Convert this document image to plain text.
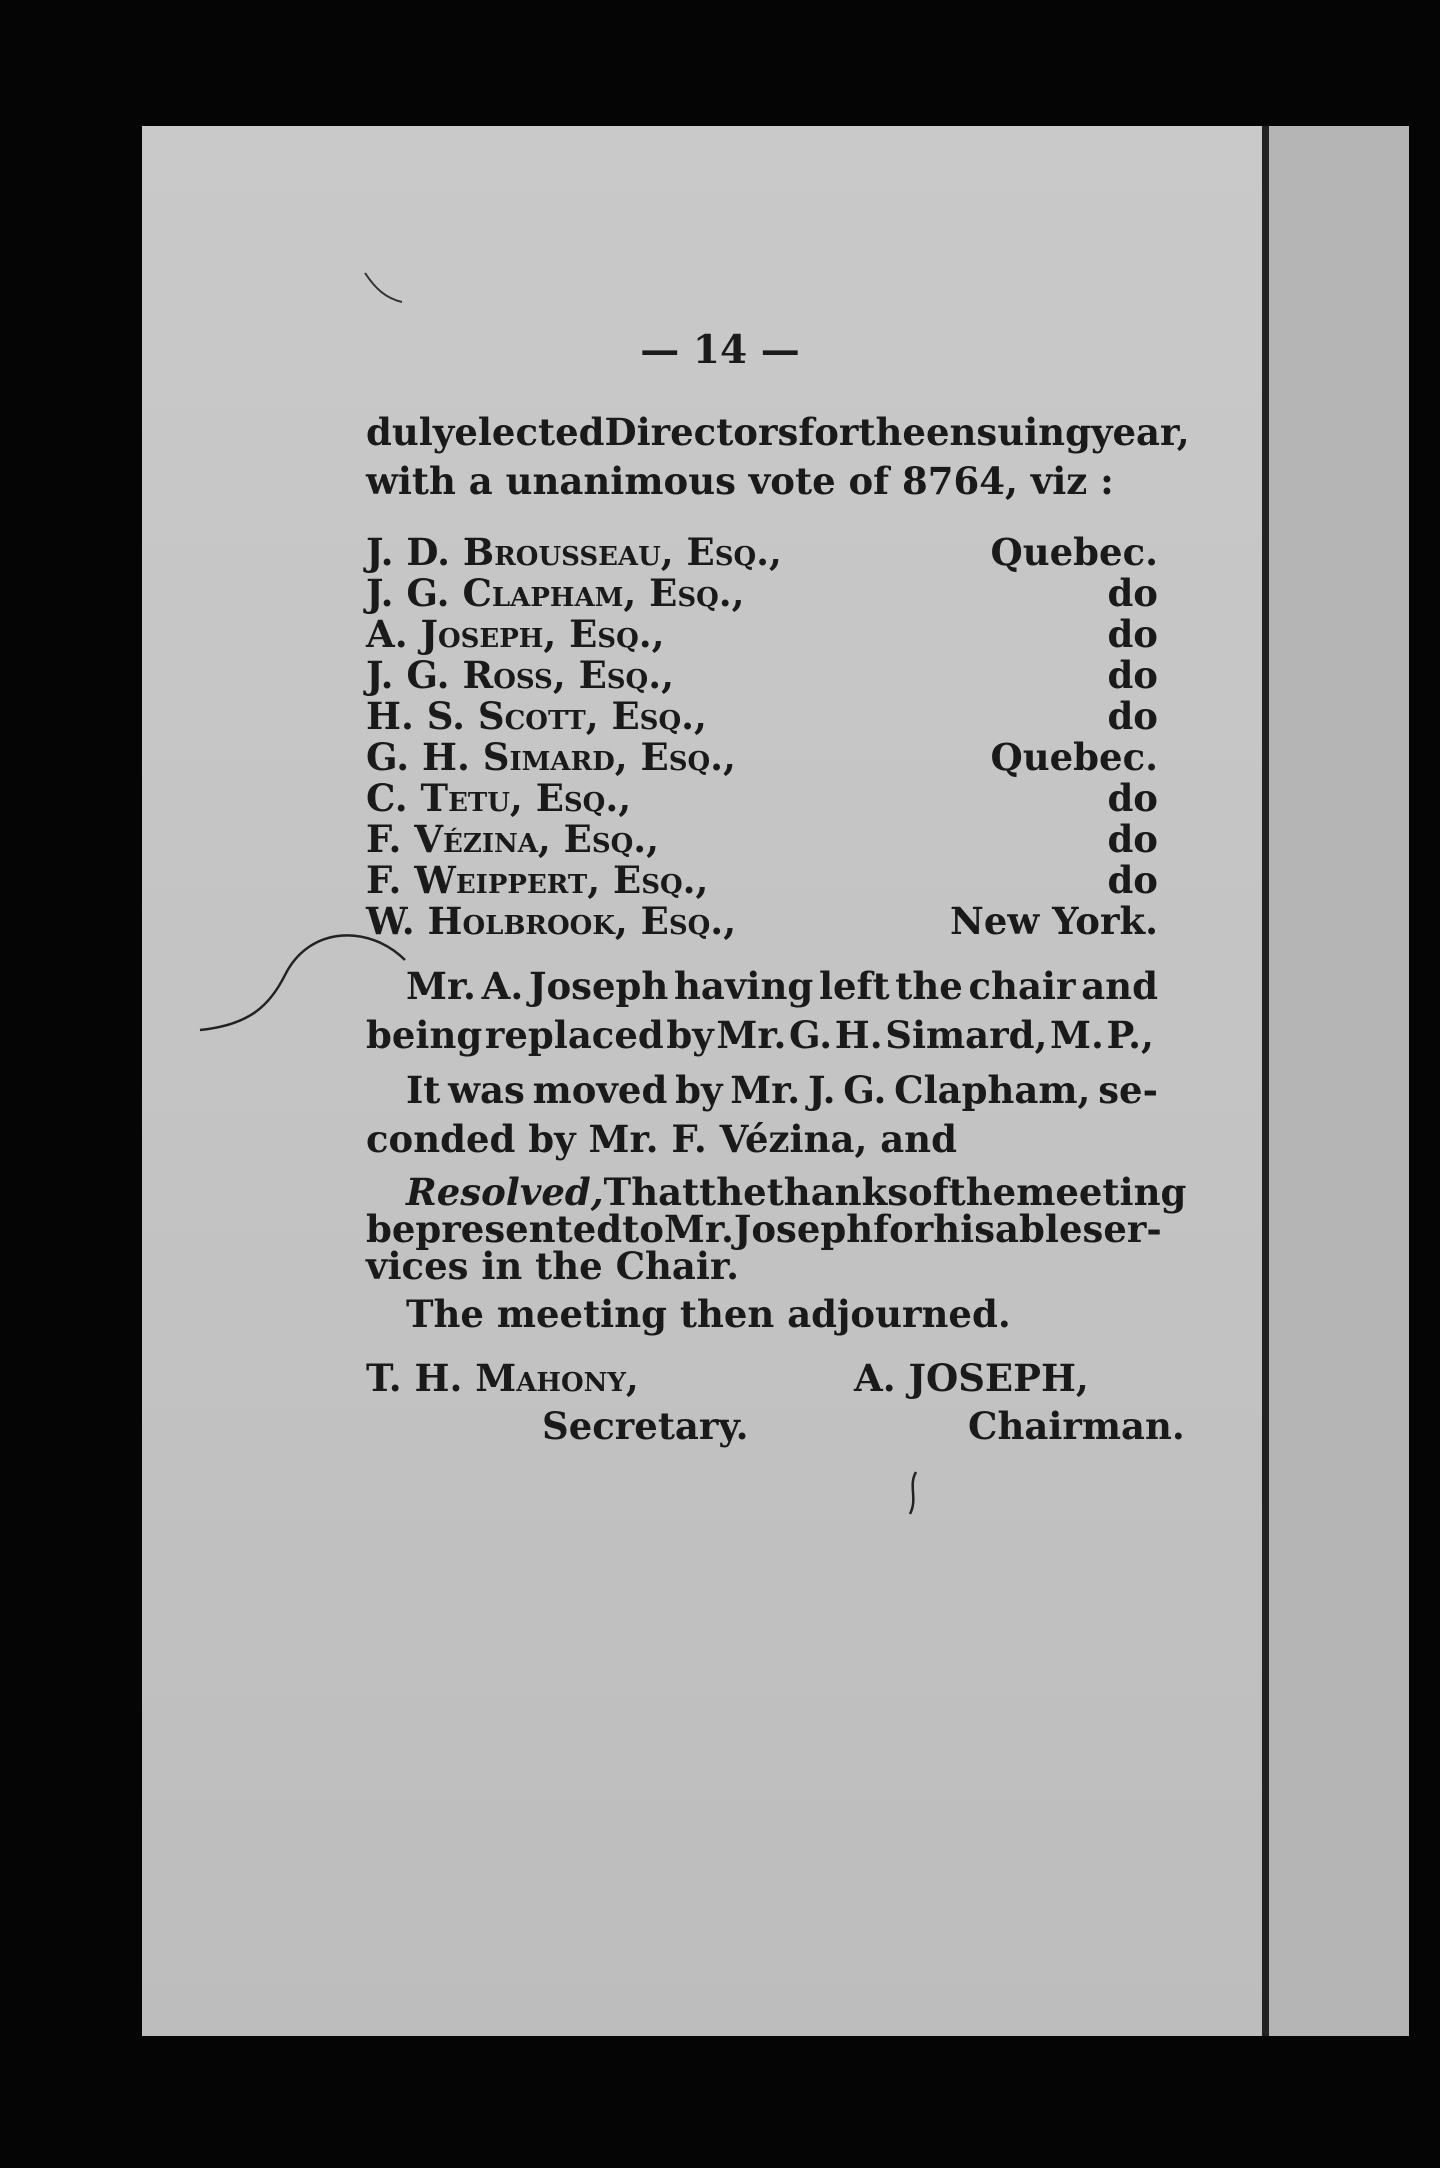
— 14 —
duly elected Directors for the ensuing year,
with a unanimous vote of 8764, viz :
J. D. Brousseau, Esq.,	Quebec.
J. G. Clapham, Esq.,	do
A. Joseph, Esq.,	do
J. G. Ross, Esq.,	do
H. S. Scott, Esq.,	do
G. H. Simard, Esq.,	Quebec.
C. Tetu, Esq.,	do
F. Vézina, Esq.,	do
F. Weippert, Esq.,	do
W. Holbrook, Esq.,	New York.
Mr. A. Joseph having left the chair and
being replaced by Mr. G. H. Simard, M. P.,
It was moved by Mr. J. G. Clapham, se-
conded by Mr. F. Vézina, and
Resolved, That the thanks of the meeting
be presented to Mr. Joseph for his able ser-
vices in the Chair.
The meeting then adjourned.
T. H. Mahony,
Secretary.
A. JOSEPH,
Chairman.
